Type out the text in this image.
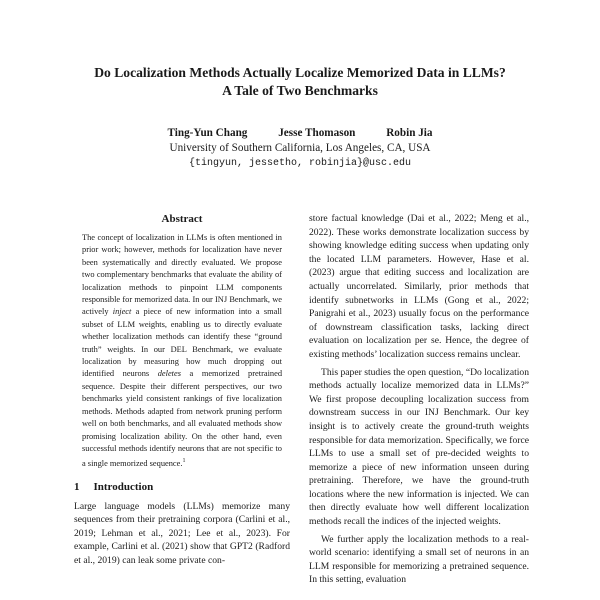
Do Localization Methods Actually Localize Memorized Data in LLMs?
A Tale of Two Benchmarks
Ting-Yun Chang	Jesse Thomason	Robin Jia
University of Southern California, Los Angeles, CA, USA
{tingyun, jessetho, robinjia}@usc.edu
Abstract

The concept of localization in LLMs is often mentioned in prior work; however, methods for localization have never been systematically and directly evaluated. We propose two complementary benchmarks that evaluate the ability of localization methods to pinpoint LLM components responsible for memorized data. In our INJ Benchmark, we actively inject a piece of new information into a small subset of LLM weights, enabling us to directly evaluate whether localization methods can identify these “ground truth” weights. In our DEL Benchmark, we evaluate localization by measuring how much dropping out identified neurons deletes a memorized pretrained sequence. Despite their different perspectives, our two benchmarks yield consistent rankings of five localization methods. Methods adapted from network pruning perform well on both benchmarks, and all evaluated methods show promising localization ability. On the other hand, even successful methods identify neurons that are not specific to a single memorized sequence.$^1$

1 Introduction

Large language models (LLMs) memorize many sequences from their pretraining corpora (Carlini et al., 2019; Lehman et al., 2021; Lee et al., 2023). For example, Carlini et al. (2021) show that GPT2 (Radford et al., 2019) can leak some private con-

store factual knowledge (Dai et al., 2022; Meng et al., 2022). These works demonstrate localization success by showing knowledge editing success when updating only the located LLM parameters. However, Hase et al. (2023) argue that editing success and localization are actually uncorrelated. Similarly, prior methods that identify subnetworks in LLMs (Gong et al., 2022; Panigrahi et al., 2023) usually focus on the performance of downstream classification tasks, lacking direct evaluation on localization per se. Hence, the degree of existing methods’ localization success remains unclear.

This paper studies the open question, “Do localization methods actually localize memorized data in LLMs?” We first propose decoupling localization success from downstream success in our INJ Benchmark. Our key insight is to actively create the ground-truth weights responsible for data memorization. Specifically, we force LLMs to use a small set of pre-decided weights to memorize a piece of new information unseen during pretraining. Therefore, we have the ground-truth locations where the new information is injected. We can then directly evaluate how well different localization methods recall the indices of the injected weights.

We further apply the localization methods to a real-world scenario: identifying a small set of neurons in an LLM responsible for memorizing a pretrained sequence. In this setting, evaluation
